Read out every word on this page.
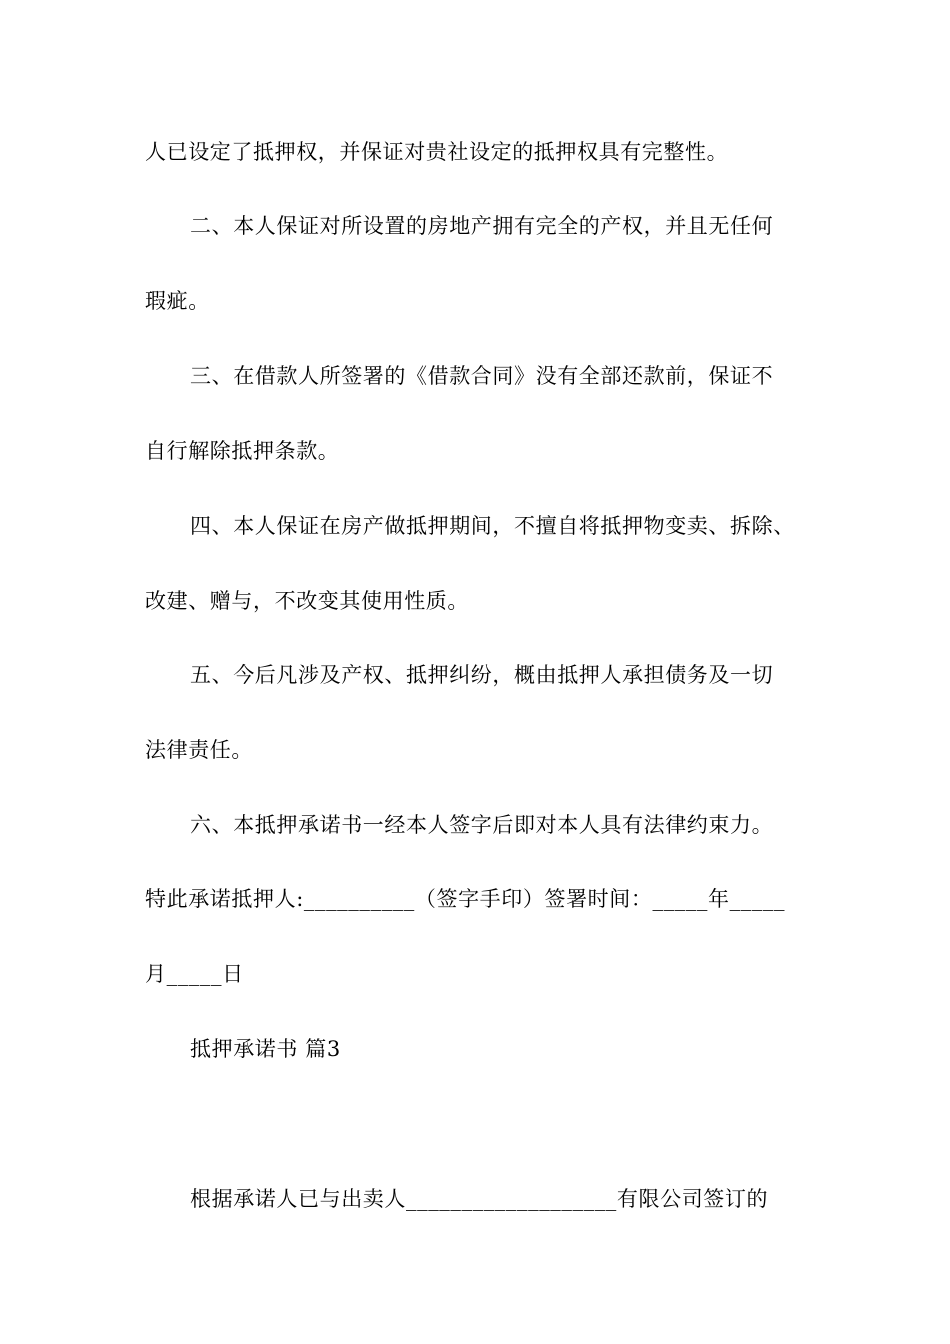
人已设定了抵押权，并保证对贵社设定的抵押权具有完整性。
二、本人保证对所设置的房地产拥有完全的产权，并且无任何
瑕疵。
三、在借款人所签署的《借款合同》没有全部还款前，保证不
自行解除抵押条款。
四、本人保证在房产做抵押期间，不擅自将抵押物变卖、拆除、
改建、赠与，不改变其使用性质。
五、今后凡涉及产权、抵押纠纷，概由抵押人承担债务及一切
法律责任。
六、本抵押承诺书一经本人签字后即对本人具有法律约束力。
特此承诺抵押人:__________（签字手印）签署时间：_____年_____
月_____日
抵押承诺书 篇3
根据承诺人已与出卖人___________________有限公司签订的
